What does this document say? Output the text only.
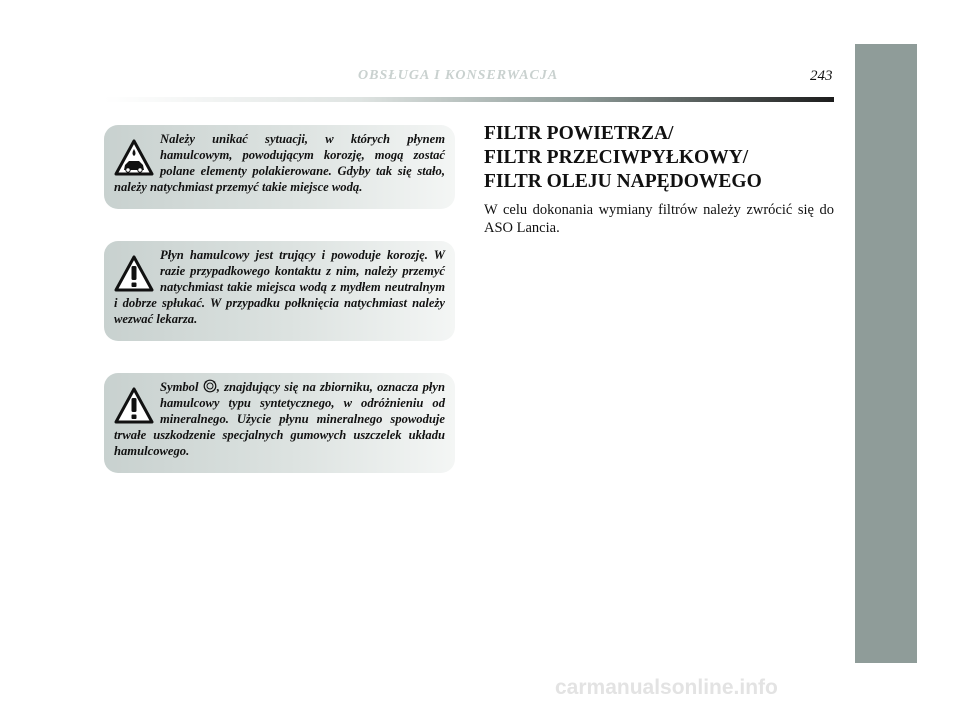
OBSŁUGA I KONSERWACJA	243

Należy unikać sytuacji, w których płynem hamulcowym, powodującym korozję, mogą zostać polane elementy polakierowane. Gdyby tak się stało, należy natychmiast przemyć takie miejsce wodą.

Płyn hamulcowy jest trujący i powoduje korozję. W razie przypadkowego kontaktu z nim, należy przemyć natychmiast takie miejsca wodą z mydłem neutralnym i dobrze spłukać. W przypadku połknięcia natychmiast należy wezwać lekarza.

Symbol , znajdujący się na zbiorniku, oznacza płyn hamulcowy typu syntetycznego, w odróżnieniu od mineralnego. Użycie płynu mineralnego spowoduje trwałe uszkodzenie specjalnych gumowych uszczelek układu hamulcowego.

FILTR POWIETRZA/
FILTR PRZECIWPYŁKOWY/
FILTR OLEJU NAPĘDOWEGO

W celu dokonania wymiany filtrów należy zwrócić się do ASO Lancia.

carmanualsonline.info
